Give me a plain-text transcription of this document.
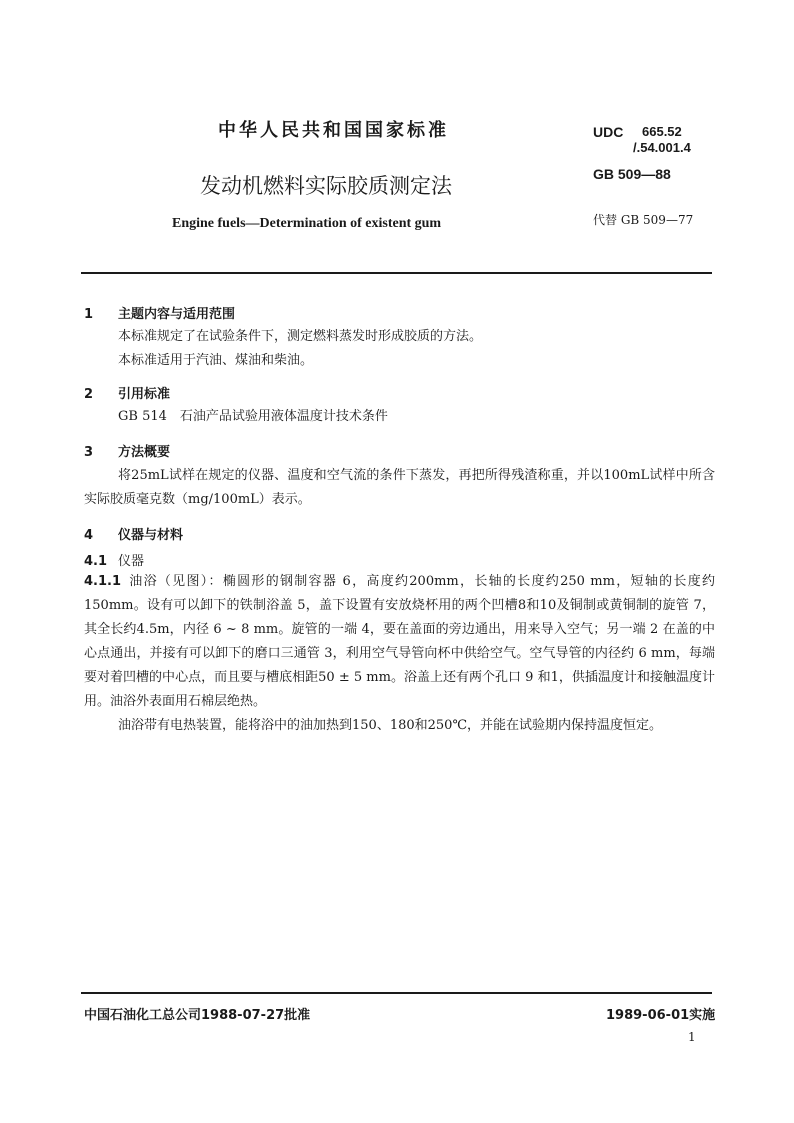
中华人民共和国国家标准	UDC 665.52
/.54.001.4
发动机燃料实际胶质测定法	GB 509—88
Engine fuels—Determination of existent gum	代替 GB 509—77
1 主题内容与适用范围

本标准规定了在试验条件下，测定燃料蒸发时形成胶质的方法。

本标准适用于汽油、煤油和柴油。

2 引用标准

GB 514　石油产品试验用液体温度计技术条件

3 方法概要

将25mL试样在规定的仪器、温度和空气流的条件下蒸发，再把所得残渣称重，并以100mL试样中所含实际胶质毫克数（mg/100mL）表示。

4 仪器与材料
4.1 仪器

4.1.1 油浴（见图）：椭圆形的钢制容器 6，高度约200mm，长轴的长度约250 mm，短轴的长度约150mm。设有可以卸下的铁制浴盖 5，盖下设置有安放烧杯用的两个凹槽8和10及铜制或黄铜制的旋管 7，其全长约4.5m，内径 6 ~ 8 mm。旋管的一端 4，要在盖面的旁边通出，用来导入空气；另一端 2 在盖的中心点通出，并接有可以卸下的磨口三通管 3，利用空气导管向杯中供给空气。空气导管的内径约 6 mm，每端要对着凹槽的中心点，而且要与槽底相距50 ± 5 mm。浴盖上还有两个孔口 9 和1，供插温度计和接触温度计用。油浴外表面用石棉层绝热。

油浴带有电热装置，能将浴中的油加热到150、180和250℃，并能在试验期内保持温度恒定。

中国石油化工总公司1988-07-27批准	1989-06-01实施
1
